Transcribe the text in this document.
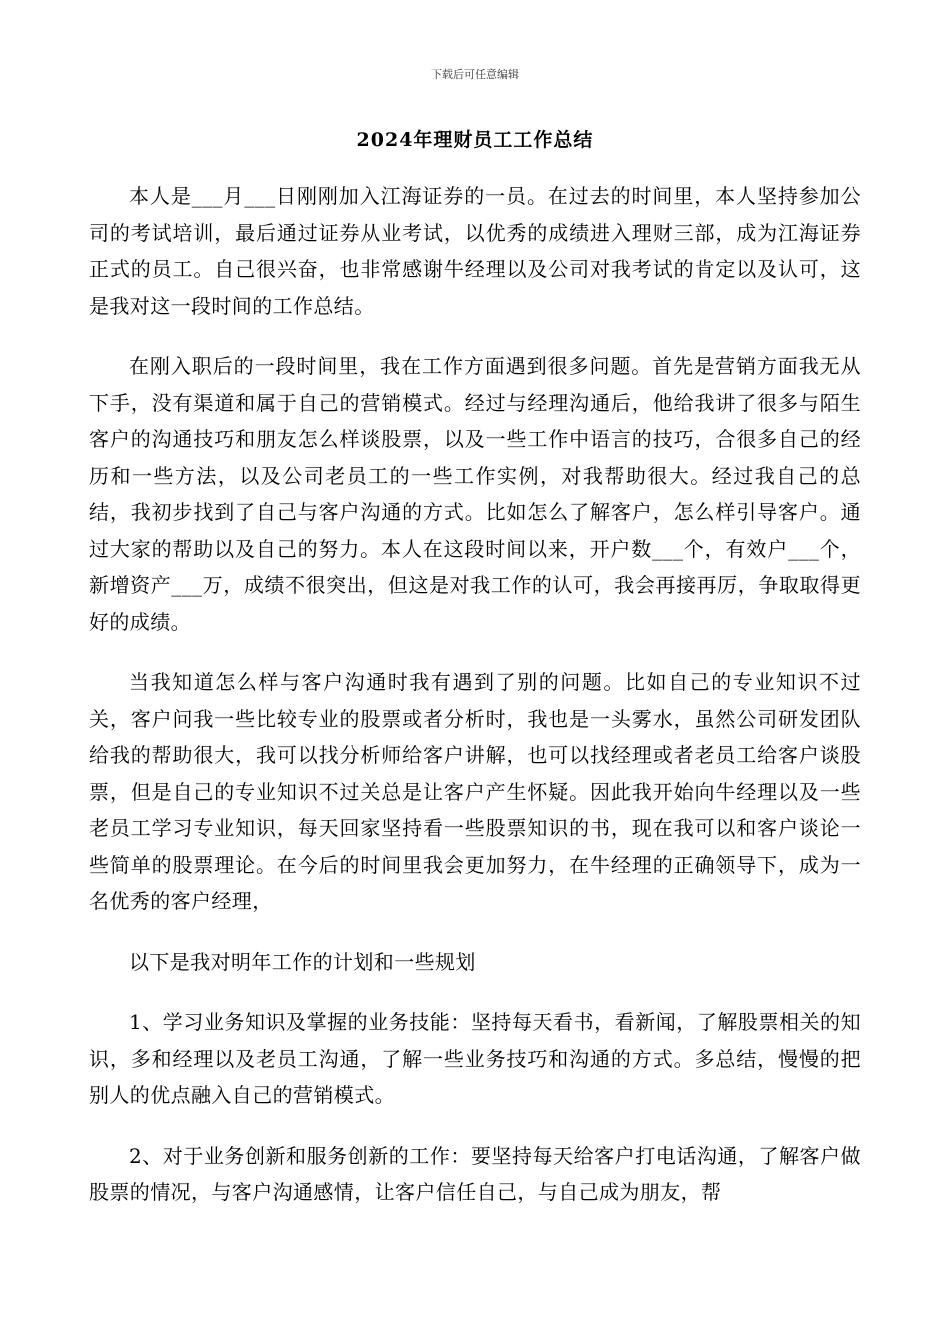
下载后可任意编辑
2024年理财员工工作总结

本人是___月___日刚刚加入江海证券的一员。在过去的时间里，本人坚持参加公司的考试培训，最后通过证券从业考试，以优秀的成绩进入理财三部，成为江海证券正式的员工。自己很兴奋，也非常感谢牛经理以及公司对我考试的肯定以及认可，这是我对这一段时间的工作总结。

在刚入职后的一段时间里，我在工作方面遇到很多问题。首先是营销方面我无从下手，没有渠道和属于自己的营销模式。经过与经理沟通后，他给我讲了很多与陌生客户的沟通技巧和朋友怎么样谈股票，以及一些工作中语言的技巧，合很多自己的经历和一些方法，以及公司老员工的一些工作实例，对我帮助很大。经过我自己的总结，我初步找到了自己与客户沟通的方式。比如怎么了解客户，怎么样引导客户。通过大家的帮助以及自己的努力。本人在这段时间以来，开户数___个，有效户___个，新增资产___万，成绩不很突出，但这是对我工作的认可，我会再接再厉，争取取得更好的成绩。

当我知道怎么样与客户沟通时我有遇到了别的问题。比如自己的专业知识不过关，客户问我一些比较专业的股票或者分析时，我也是一头雾水，虽然公司研发团队给我的帮助很大，我可以找分析师给客户讲解，也可以找经理或者老员工给客户谈股票，但是自己的专业知识不过关总是让客户产生怀疑。因此我开始向牛经理以及一些老员工学习专业知识，每天回家坚持看一些股票知识的书，现在我可以和客户谈论一些简单的股票理论。在今后的时间里我会更加努力，在牛经理的正确领导下，成为一名优秀的客户经理，

以下是我对明年工作的计划和一些规划

1、学习业务知识及掌握的业务技能：坚持每天看书，看新闻，了解股票相关的知识，多和经理以及老员工沟通，了解一些业务技巧和沟通的方式。多总结，慢慢的把别人的优点融入自己的营销模式。

2、对于业务创新和服务创新的工作：要坚持每天给客户打电话沟通，了解客户做股票的情况，与客户沟通感情，让客户信任自己，与自己成为朋友，帮
